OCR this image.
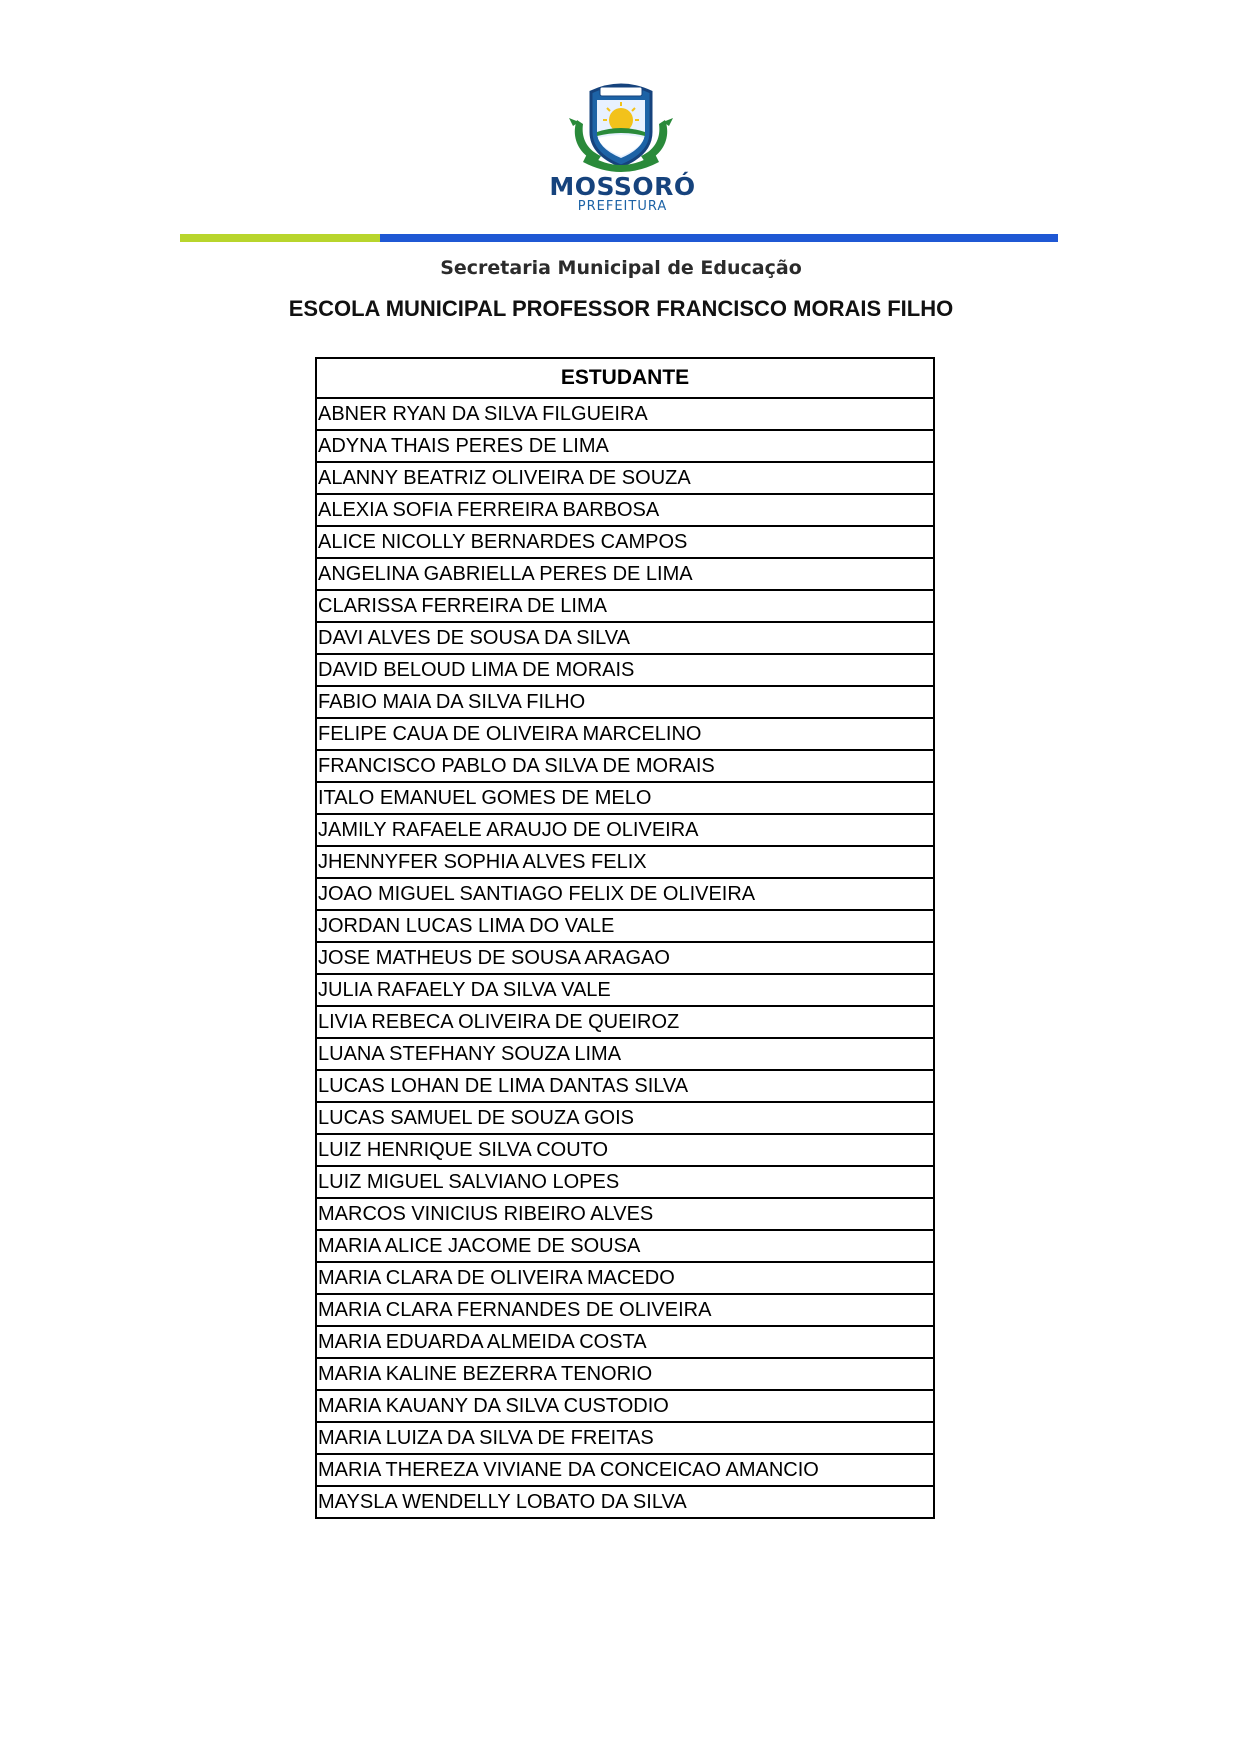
MOSSORÓ
PREFEITURA
Secretaria Municipal de Educação
ESCOLA MUNICIPAL PROFESSOR FRANCISCO MORAIS FILHO
ESTUDANTE
ABNER RYAN DA SILVA FILGUEIRA
ADYNA THAIS PERES DE LIMA
ALANNY BEATRIZ OLIVEIRA DE SOUZA
ALEXIA SOFIA FERREIRA BARBOSA
ALICE NICOLLY BERNARDES CAMPOS
ANGELINA GABRIELLA PERES DE LIMA
CLARISSA FERREIRA DE LIMA
DAVI ALVES DE SOUSA DA SILVA
DAVID BELOUD LIMA DE MORAIS
FABIO MAIA DA SILVA FILHO
FELIPE CAUA DE OLIVEIRA MARCELINO
FRANCISCO PABLO DA SILVA DE MORAIS
ITALO EMANUEL GOMES DE MELO
JAMILY RAFAELE ARAUJO DE OLIVEIRA
JHENNYFER SOPHIA ALVES FELIX
JOAO MIGUEL SANTIAGO FELIX DE OLIVEIRA
JORDAN LUCAS LIMA DO VALE
JOSE MATHEUS DE SOUSA ARAGAO
JULIA RAFAELY DA SILVA VALE
LIVIA REBECA OLIVEIRA DE QUEIROZ
LUANA STEFHANY SOUZA LIMA
LUCAS LOHAN DE LIMA DANTAS SILVA
LUCAS SAMUEL DE SOUZA GOIS
LUIZ HENRIQUE SILVA COUTO
LUIZ MIGUEL SALVIANO LOPES
MARCOS VINICIUS RIBEIRO ALVES
MARIA ALICE JACOME DE SOUSA
MARIA CLARA DE OLIVEIRA MACEDO
MARIA CLARA FERNANDES DE OLIVEIRA
MARIA EDUARDA ALMEIDA COSTA
MARIA KALINE BEZERRA TENORIO
MARIA KAUANY DA SILVA CUSTODIO
MARIA LUIZA DA SILVA DE FREITAS
MARIA THEREZA VIVIANE DA CONCEICAO AMANCIO
MAYSLA WENDELLY LOBATO DA SILVA
